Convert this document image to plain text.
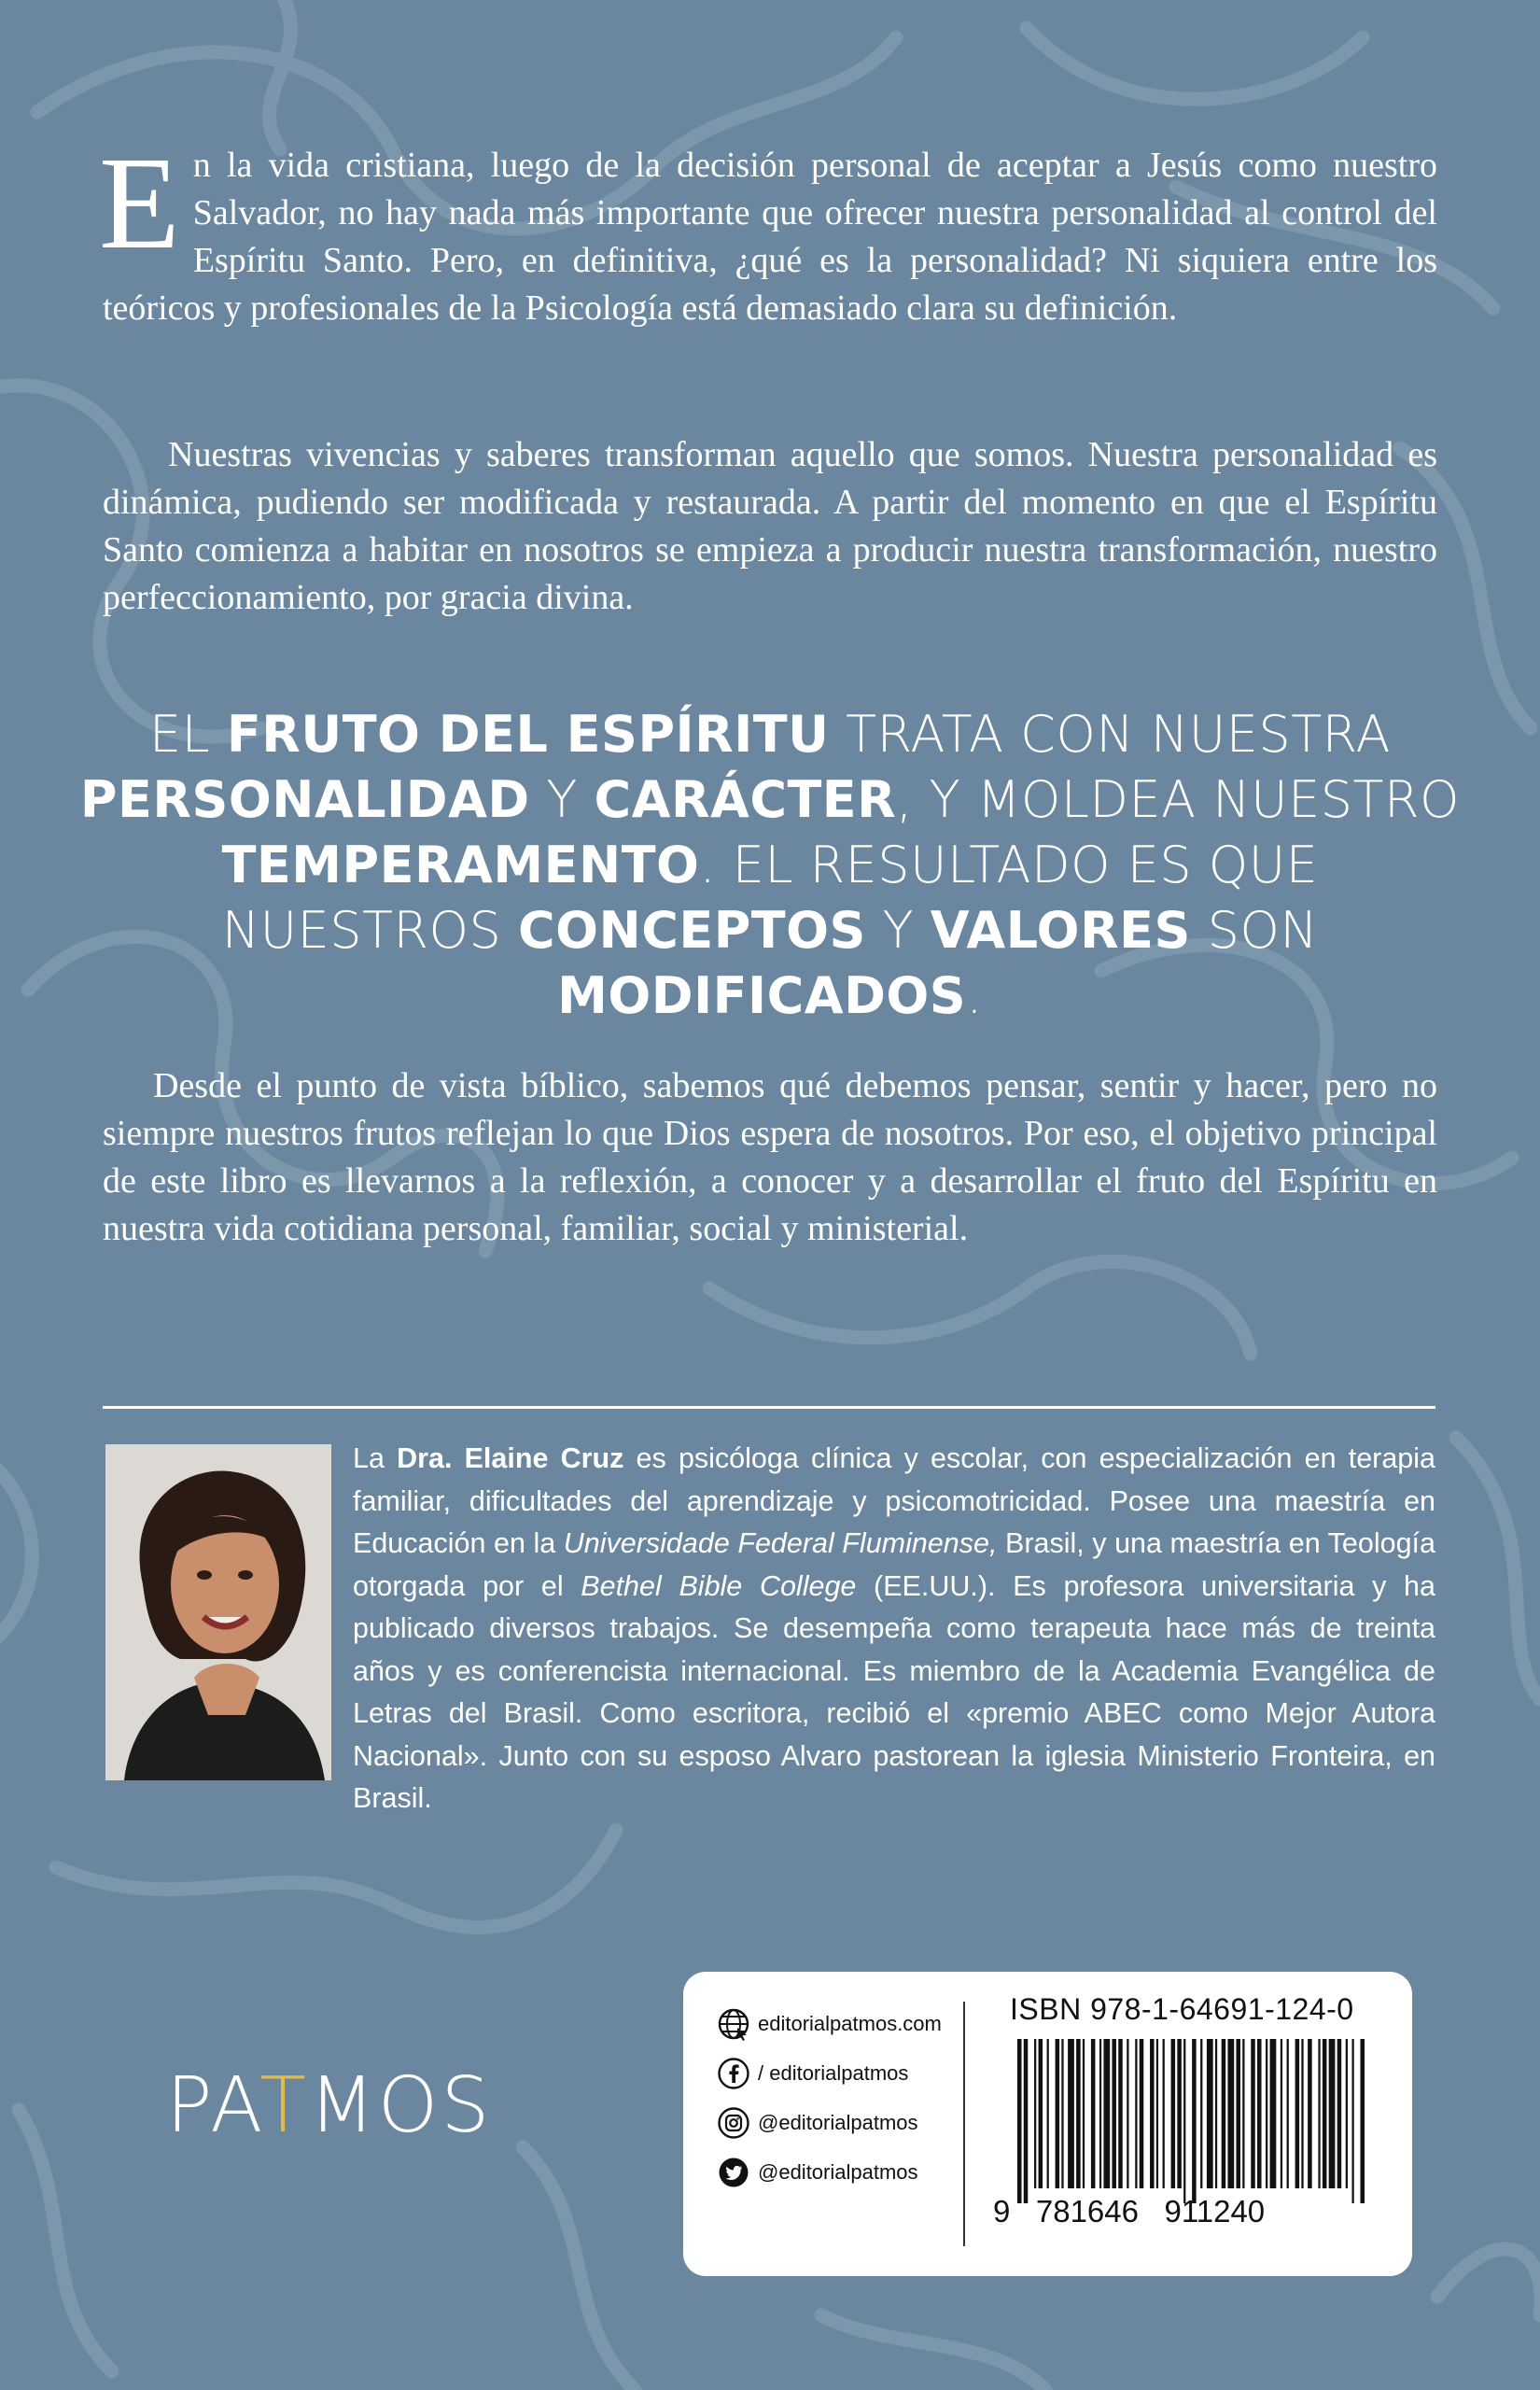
En la vida cristiana, luego de la decisión personal de aceptar a Jesús como nuestro Salvador, no hay nada más importante que ofrecer nuestra personalidad al control del Espíritu Santo. Pero, en definitiva, ¿qué es la personalidad? Ni siquiera entre los teóricos y profesionales de la Psicología está demasiado clara su definición.

Nuestras vivencias y saberes transforman aquello que somos. Nuestra personalidad es dinámica, pudiendo ser modificada y restaurada. A partir del momento en que el Espíritu Santo comienza a habitar en nosotros se empieza a producir nuestra transformación, nuestro perfeccionamiento, por gracia divina.

EL FRUTO DEL ESPÍRITU TRATA CON NUESTRA PERSONALIDAD Y CARÁCTER, Y MOLDEA NUESTRO TEMPERAMENTO. EL RESULTADO ES QUE NUESTROS CONCEPTOS Y VALORES SON MODIFICADOS.

Desde el punto de vista bíblico, sabemos qué debemos pensar, sentir y hacer, pero no siempre nuestros frutos reflejan lo que Dios espera de nosotros. Por eso, el objetivo principal de este libro es llevarnos a la reflexión, a conocer y a desarrollar el fruto del Espíritu en nuestra vida cotidiana personal, familiar, social y ministerial.

La Dra. Elaine Cruz es psicóloga clínica y escolar, con especialización en terapia familiar, dificultades del aprendizaje y psicomotricidad. Posee una maestría en Educación en la Universidade Federal Fluminense, Brasil, y una maestría en Teología otorgada por el Bethel Bible College (EE.UU.). Es profesora universitaria y ha publicado diversos trabajos. Se desempeña como terapeuta hace más de treinta años y es conferencista internacional. Es miembro de la Academia Evangélica de Letras del Brasil. Como escritora, recibió el «premio ABEC como Mejor Autora Nacional». Junto con su esposo Alvaro pastorean la iglesia Ministerio Fronteira, en Brasil.

PATMOS
editorialpatmos.com
/ editorialpatmos
@editorialpatmos
@editorialpatmos
ISBN 978-1-64691-124-0
9   781646   911240
